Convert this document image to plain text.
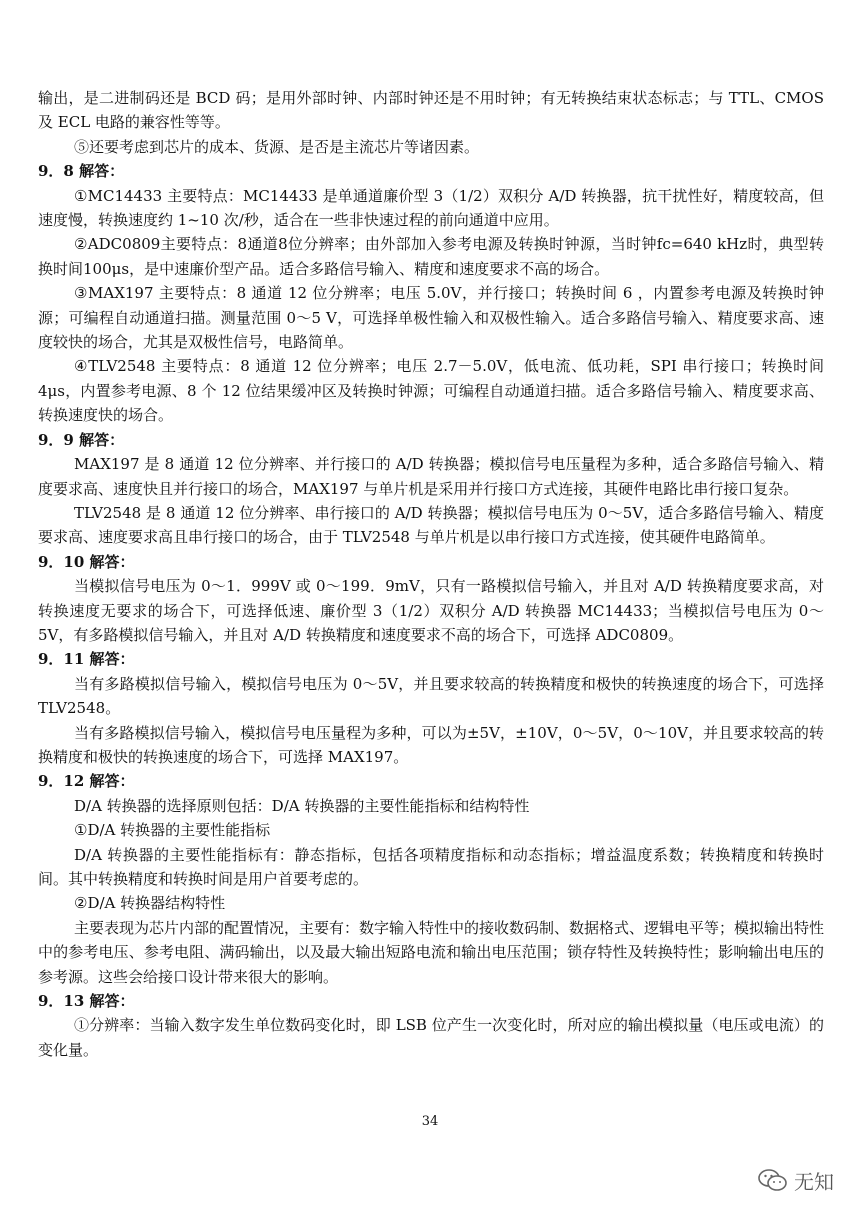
输出，是二进制码还是 BCD 码；是用外部时钟、内部时钟还是不用时钟；有无转换结束状态标志；与 TTL、CMOS 及 ECL 电路的兼容性等等。

⑤还要考虑到芯片的成本、货源、是否是主流芯片等诸因素。

9．8 解答：

①MC14433 主要特点：MC14433 是单通道廉价型 3（1/2）双积分 A/D 转换器，抗干扰性好，精度较高，但速度慢，转换速度约 1~10 次/秒，适合在一些非快速过程的前向通道中应用。

②ADC0809主要特点：8通道8位分辨率；由外部加入参考电源及转换时钟源，当时钟fc=640 kHz时，典型转换时间100μs，是中速廉价型产品。适合多路信号输入、精度和速度要求不高的场合。

③MAX197 主要特点：8 通道 12 位分辨率；电压 5.0V，并行接口；转换时间 6 ，内置参考电源及转换时钟源；可编程自动通道扫描。测量范围 0～5 V，可选择单极性输入和双极性输入。适合多路信号输入、精度要求高、速度较快的场合，尤其是双极性信号，电路简单。

④TLV2548 主要特点：8 通道 12 位分辨率；电压 2.7－5.0V，低电流、低功耗，SPI 串行接口；转换时间 4μs，内置参考电源、8 个 12 位结果缓冲区及转换时钟源；可编程自动通道扫描。适合多路信号输入、精度要求高、转换速度快的场合。

9．9 解答：

MAX197 是 8 通道 12 位分辨率、并行接口的 A/D 转换器；模拟信号电压量程为多种，适合多路信号输入、精度要求高、速度快且并行接口的场合，MAX197 与单片机是采用并行接口方式连接，其硬件电路比串行接口复杂。

TLV2548 是 8 通道 12 位分辨率、串行接口的 A/D 转换器；模拟信号电压为 0～5V，适合多路信号输入、精度要求高、速度要求高且串行接口的场合，由于 TLV2548 与单片机是以串行接口方式连接，使其硬件电路简单。

9．10 解答：

当模拟信号电压为 0～1．999V 或 0～199．9mV，只有一路模拟信号输入，并且对 A/D 转换精度要求高，对转换速度无要求的场合下，可选择低速、廉价型 3（1/2）双积分 A/D 转换器 MC14433；当模拟信号电压为 0～5V，有多路模拟信号输入，并且对 A/D 转换精度和速度要求不高的场合下，可选择 ADC0809。

9．11 解答：

当有多路模拟信号输入，模拟信号电压为 0～5V，并且要求较高的转换精度和极快的转换速度的场合下，可选择 TLV2548。

当有多路模拟信号输入，模拟信号电压量程为多种，可以为±5V，±10V，0～5V，0～10V，并且要求较高的转换精度和极快的转换速度的场合下，可选择 MAX197。

9．12 解答：

D/A 转换器的选择原则包括：D/A 转换器的主要性能指标和结构特性

①D/A 转换器的主要性能指标

D/A 转换器的主要性能指标有：静态指标，包括各项精度指标和动态指标；增益温度系数；转换精度和转换时间。其中转换精度和转换时间是用户首要考虑的。

②D/A 转换器结构特性

主要表现为芯片内部的配置情况，主要有：数字输入特性中的接收数码制、数据格式、逻辑电平等；模拟输出特性中的参考电压、参考电阻、满码输出，以及最大输出短路电流和输出电压范围；锁存特性及转换特性；影响输出电压的参考源。这些会给接口设计带来很大的影响。

9．13 解答：

①分辨率：当输入数字发生单位数码变化时，即 LSB 位产生一次变化时，所对应的输出模拟量（电压或电流）的变化量。

34
无知
